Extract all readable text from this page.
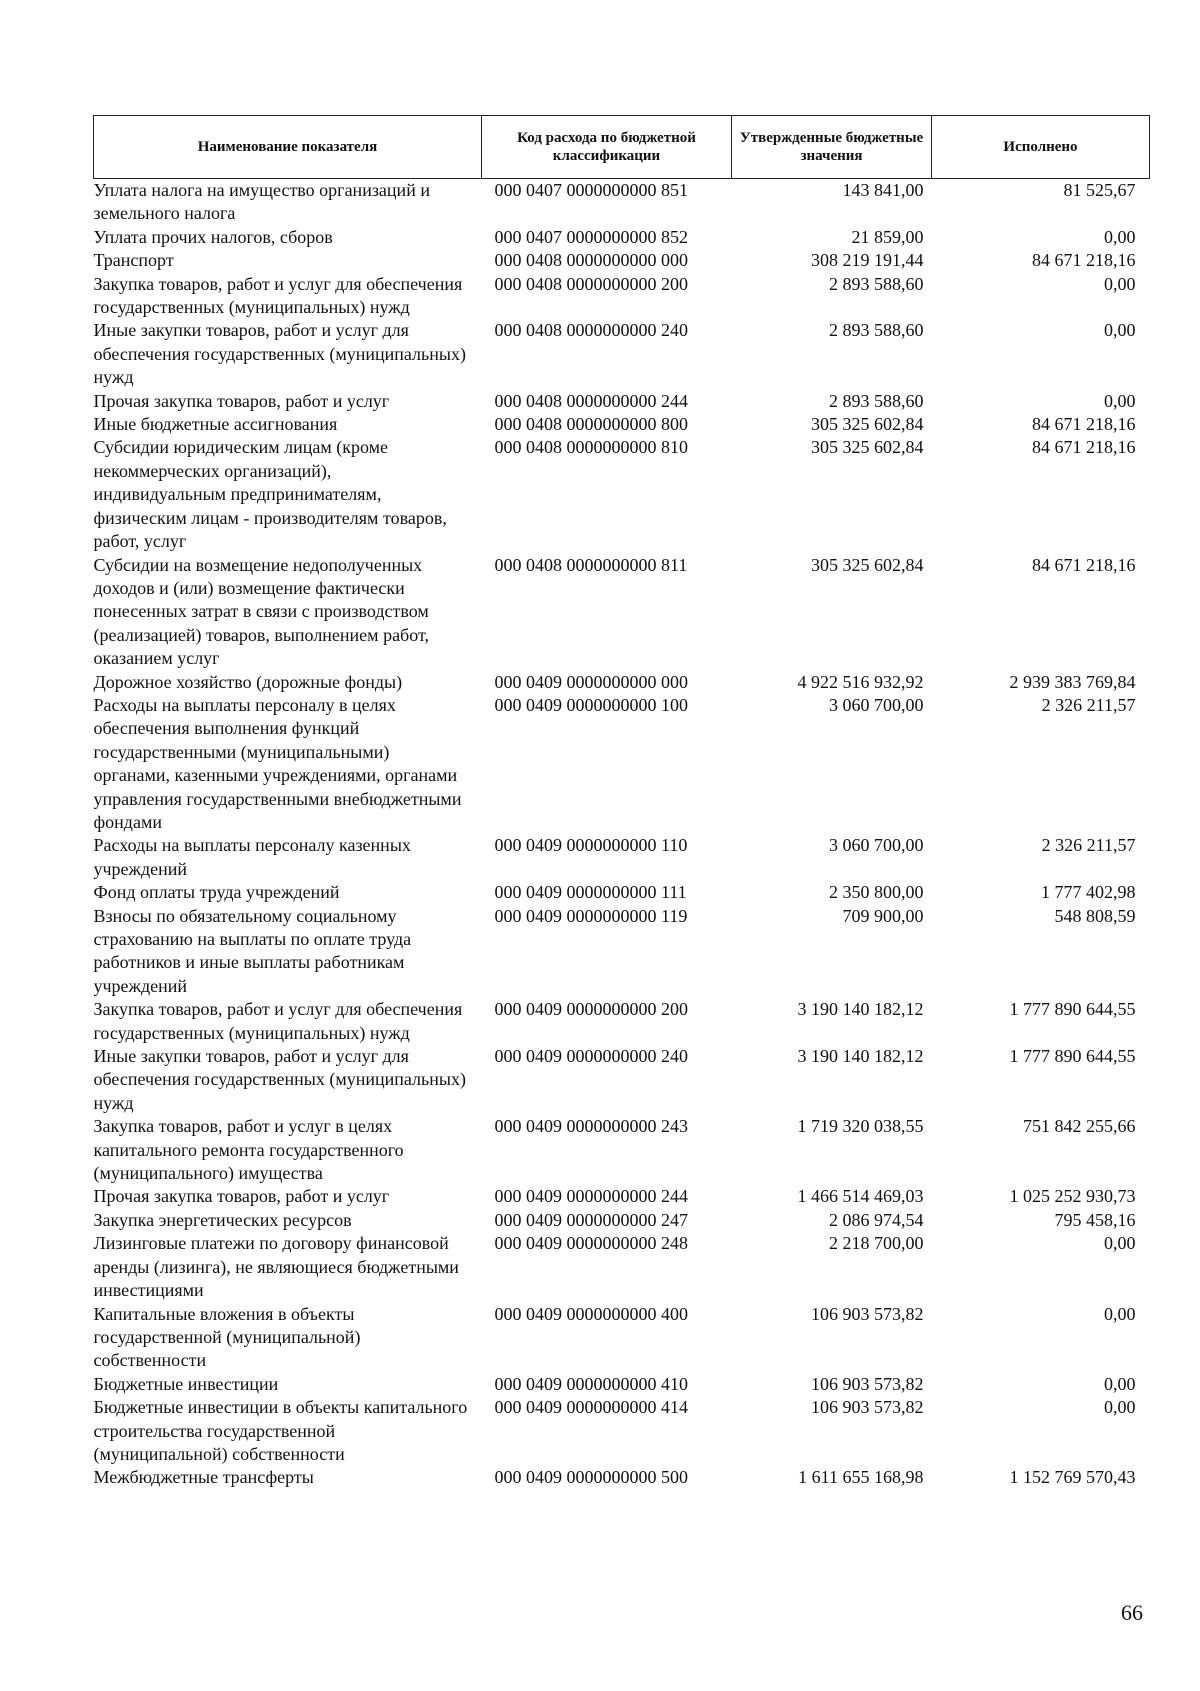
Наименование показателя	Код расхода по бюджетной классификации	Утвержденные бюджетные значения	Исполнено
Уплата налога на имущество организаций и земельного налога	000 0407 0000000000 851	143 841,00	81 525,67
Уплата прочих налогов, сборов	000 0407 0000000000 852	21 859,00	0,00
Транспорт	000 0408 0000000000 000	308 219 191,44	84 671 218,16
Закупка товаров, работ и услуг для обеспечения государственных (муниципальных) нужд	000 0408 0000000000 200	2 893 588,60	0,00
Иные закупки товаров, работ и услуг для обеспечения государственных (муниципальных) нужд	000 0408 0000000000 240	2 893 588,60	0,00
Прочая закупка товаров, работ и услуг	000 0408 0000000000 244	2 893 588,60	0,00
Иные бюджетные ассигнования	000 0408 0000000000 800	305 325 602,84	84 671 218,16
Субсидии юридическим лицам (кроме некоммерческих организаций), индивидуальным предпринимателям, физическим лицам - производителям товаров, работ, услуг	000 0408 0000000000 810	305 325 602,84	84 671 218,16
Субсидии на возмещение недополученных доходов и (или) возмещение фактически понесенных затрат в связи с производством (реализацией) товаров, выполнением работ, оказанием услуг	000 0408 0000000000 811	305 325 602,84	84 671 218,16
Дорожное хозяйство (дорожные фонды)	000 0409 0000000000 000	4 922 516 932,92	2 939 383 769,84
Расходы на выплаты персоналу в целях обеспечения выполнения функций государственными (муниципальными) органами, казенными учреждениями, органами управления государственными внебюджетными фондами	000 0409 0000000000 100	3 060 700,00	2 326 211,57
Расходы на выплаты персоналу казенных учреждений	000 0409 0000000000 110	3 060 700,00	2 326 211,57
Фонд оплаты труда учреждений	000 0409 0000000000 111	2 350 800,00	1 777 402,98
Взносы по обязательному социальному страхованию на выплаты по оплате труда работников и иные выплаты работникам учреждений	000 0409 0000000000 119	709 900,00	548 808,59
Закупка товаров, работ и услуг для обеспечения государственных (муниципальных) нужд	000 0409 0000000000 200	3 190 140 182,12	1 777 890 644,55
Иные закупки товаров, работ и услуг для обеспечения государственных (муниципальных) нужд	000 0409 0000000000 240	3 190 140 182,12	1 777 890 644,55
Закупка товаров, работ и услуг в целях капитального ремонта государственного (муниципального) имущества	000 0409 0000000000 243	1 719 320 038,55	751 842 255,66
Прочая закупка товаров, работ и услуг	000 0409 0000000000 244	1 466 514 469,03	1 025 252 930,73
Закупка энергетических ресурсов	000 0409 0000000000 247	2 086 974,54	795 458,16
Лизинговые платежи по договору финансовой аренды (лизинга), не являющиеся бюджетными инвестициями	000 0409 0000000000 248	2 218 700,00	0,00
Капитальные вложения в объекты государственной (муниципальной) собственности	000 0409 0000000000 400	106 903 573,82	0,00
Бюджетные инвестиции	000 0409 0000000000 410	106 903 573,82	0,00
Бюджетные инвестиции в объекты капитального строительства государственной (муниципальной) собственности	000 0409 0000000000 414	106 903 573,82	0,00
Межбюджетные трансферты	000 0409 0000000000 500	1 611 655 168,98	1 152 769 570,43
66
